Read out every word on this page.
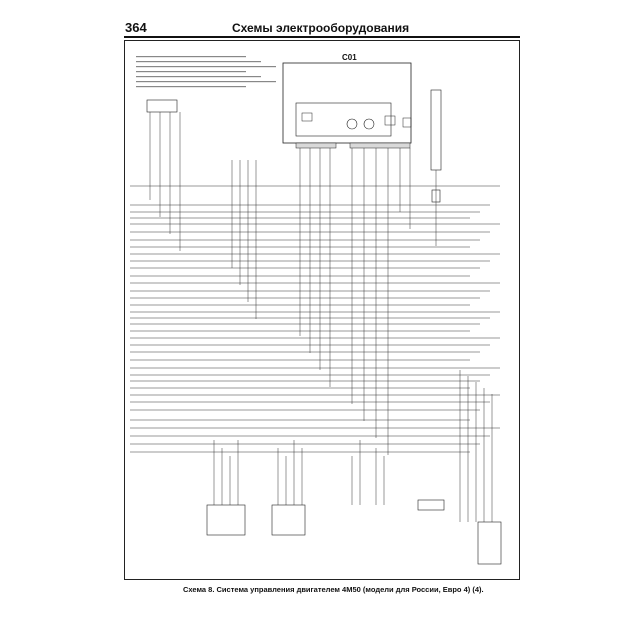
364	Схемы электрооборудования
C01
Схема 8. Система управления двигателем 4M50 (модели для России, Евро 4) (4).
